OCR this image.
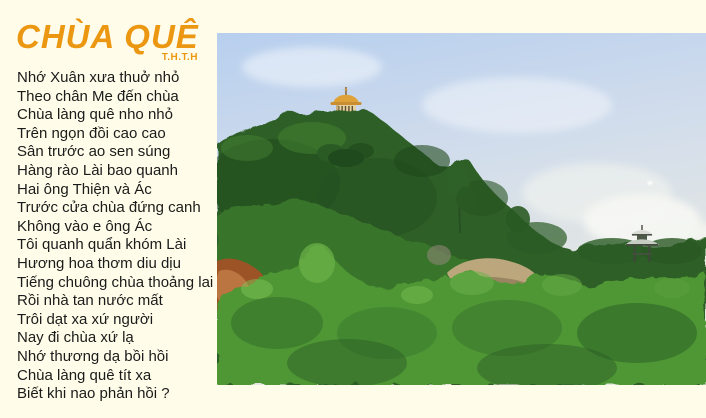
CHÙA QUÊ
T.H.T.H
Nhớ Xuân xưa thuở nhỏ
Theo chân Me đến chùa
Chùa làng quê nho nhỏ
Trên ngọn đồi cao cao
Sân trước ao sen súng
Hàng rào Lài bao quanh
Hai ông Thiện và Ác
Trước cửa chùa đứng canh
Không vào e ông Ác
Tôi quanh quẩn khóm Lài
Hương hoa thơm diu dịu
Tiếng chuông chùa thoảng lai
Rồi nhà tan nước mất
Trôi dạt xa xứ người
Nay đi chùa xứ lạ
Nhớ thương dạ bồi hồi
Chùa làng quê tít xa
Biết khi nao phản hồi ?
